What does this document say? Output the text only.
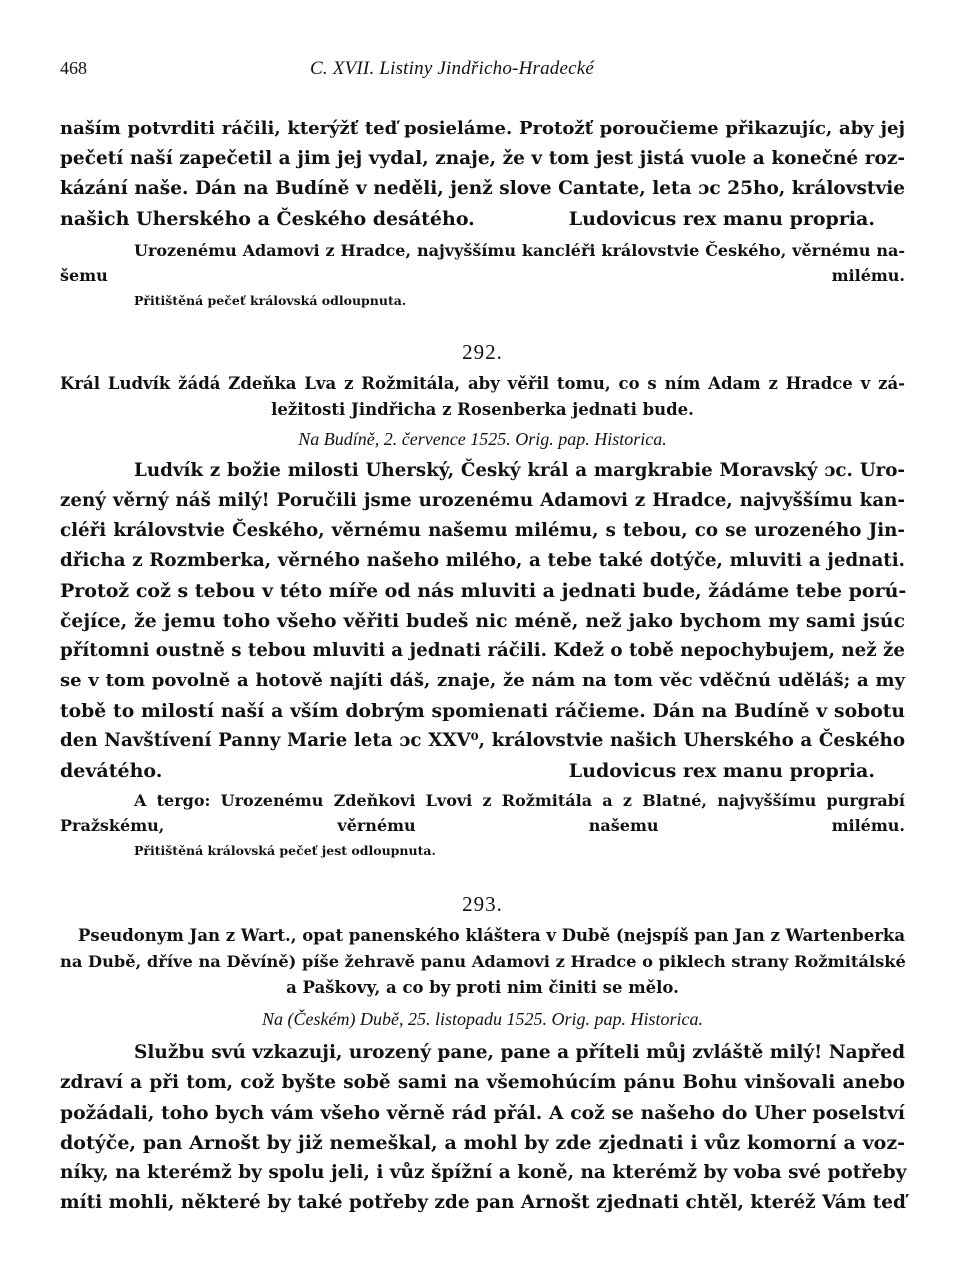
468	C. XVII. Listiny Jindřicho-Hradecké
naším potvrditi ráčili, kterýžť teď posieláme. Protožť poroučieme přikazujíc, aby jej
pečetí naší zapečetil a jim jej vydal, znaje, že v tom jest jistá vuole a konečné roz-
kázání naše. Dán na Budíně v neděli, jenž slove Cantate, leta ɔc 25ho, královstvie
našich Uherského a Českého desátého.	Ludovicus rex manu propria.
Urozenému Adamovi z Hradce, najvyššímu kancléři královstvie Českého, věrnému na-
šemu milému.
Přitištěná pečeť královská odloupnuta.
292.
Král Ludvík žádá Zdeňka Lva z Rožmitála, aby věřil tomu, co s ním Adam z Hradce v zá-
ležitosti Jindřicha z Rosenberka jednati bude.
Na Budíně, 2. července 1525. Orig. pap. Historica.
Ludvík z božie milosti Uherský, Český král a margkrabie Moravský ɔc. Uro-
zený věrný náš milý! Poručili jsme urozenému Adamovi z Hradce, najvyššímu kan-
cléři královstvie Českého, věrnému našemu milému, s tebou, co se urozeného Jin-
dřicha z Rozmberka, věrného našeho milého, a tebe také dotýče, mluviti a jednati.
Protož což s tebou v této míře od nás mluviti a jednati bude, žádáme tebe porú-
čejíce, že jemu toho všeho věřiti budeš nic méně, než jako bychom my sami jsúc
přítomni oustně s tebou mluviti a jednati ráčili. Kdež o tobě nepochybujem, než že
se v tom povolně a hotově najíti dáš, znaje, že nám na tom věc vděčnú uděláš; a my
tobě to milostí naší a vším dobrým spomienati ráčieme. Dán na Budíně v sobotu
den Navštívení Panny Marie leta ɔc XXV⁰, královstvie našich Uherského a Českého
devátého.	Ludovicus rex manu propria.
A tergo: Urozenému Zdeňkovi Lvovi z Rožmitála a z Blatné, najvyššímu purgrabí
Pražskému, věrnému našemu milému.
Přitištěná královská pečeť jest odloupnuta.
293.
Pseudonym Jan z Wart., opat panenského kláštera v Dubě (nejspíš pan Jan z Wartenberka
na Dubě, dříve na Děvíně) píše žehravě panu Adamovi z Hradce o piklech strany Rožmitálské
a Paškovy, a co by proti nim činiti se mělo.
Na (Českém) Dubě, 25. listopadu 1525. Orig. pap. Historica.
Službu svú vzkazuji, urozený pane, pane a příteli můj zvláště milý! Napřed
zdraví a při tom, což byšte sobě sami na všemohúcím pánu Bohu vinšovali anebo
požádali, toho bych vám všeho věrně rád přál. A což se našeho do Uher poselství
dotýče, pan Arnošt by již nemeškal, a mohl by zde zjednati i vůz komorní a voz-
níky, na kterémž by spolu jeli, i vůz špížní a koně, na kterémž by voba své potřeby
míti mohli, některé by také potřeby zde pan Arnošt zjednati chtěl, kteréž Vám teď
